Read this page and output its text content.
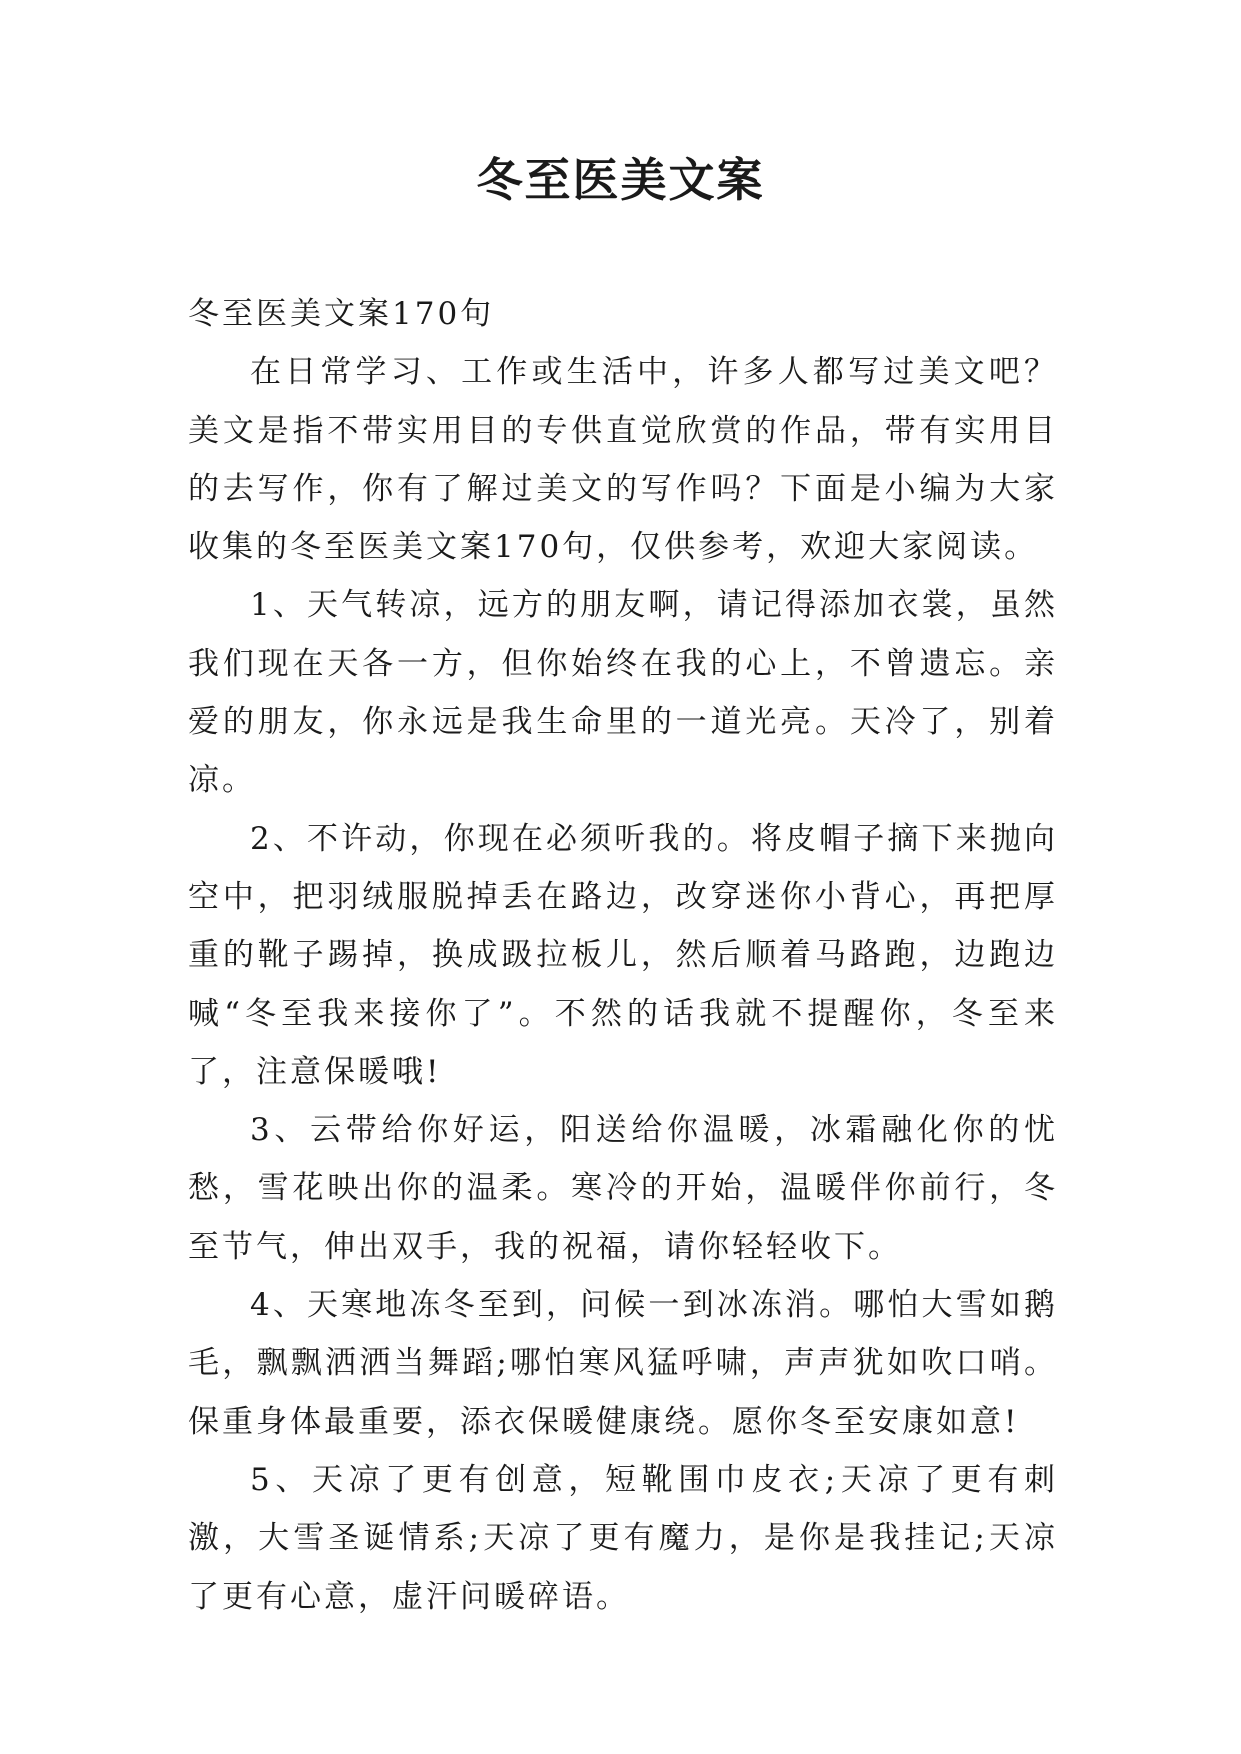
冬至医美文案

冬至医美文案170句

在日常学习、工作或生活中，许多人都写过美文吧？美文是指不带实用目的专供直觉欣赏的作品，带有实用目的去写作，你有了解过美文的写作吗？下面是小编为大家收集的冬至医美文案170句，仅供参考，欢迎大家阅读。

1、天气转凉，远方的朋友啊，请记得添加衣裳，虽然我们现在天各一方，但你始终在我的心上，不曾遗忘。亲爱的朋友，你永远是我生命里的一道光亮。天冷了，别着凉。

2、不许动，你现在必须听我的。将皮帽子摘下来抛向空中，把羽绒服脱掉丢在路边，改穿迷你小背心，再把厚重的靴子踢掉，换成趿拉板儿，然后顺着马路跑，边跑边喊“冬至我来接你了”。不然的话我就不提醒你，冬至来了，注意保暖哦!

3、云带给你好运，阳送给你温暖，冰霜融化你的忧愁，雪花映出你的温柔。寒冷的开始，温暖伴你前行，冬至节气，伸出双手，我的祝福，请你轻轻收下。

4、天寒地冻冬至到，问候一到冰冻消。哪怕大雪如鹅毛，飘飘洒洒当舞蹈;哪怕寒风猛呼啸，声声犹如吹口哨。保重身体最重要，添衣保暖健康绕。愿你冬至安康如意!

5、天凉了更有创意，短靴围巾皮衣;天凉了更有刺激，大雪圣诞情系;天凉了更有魔力，是你是我挂记;天凉了更有心意，虚汗问暖碎语。
